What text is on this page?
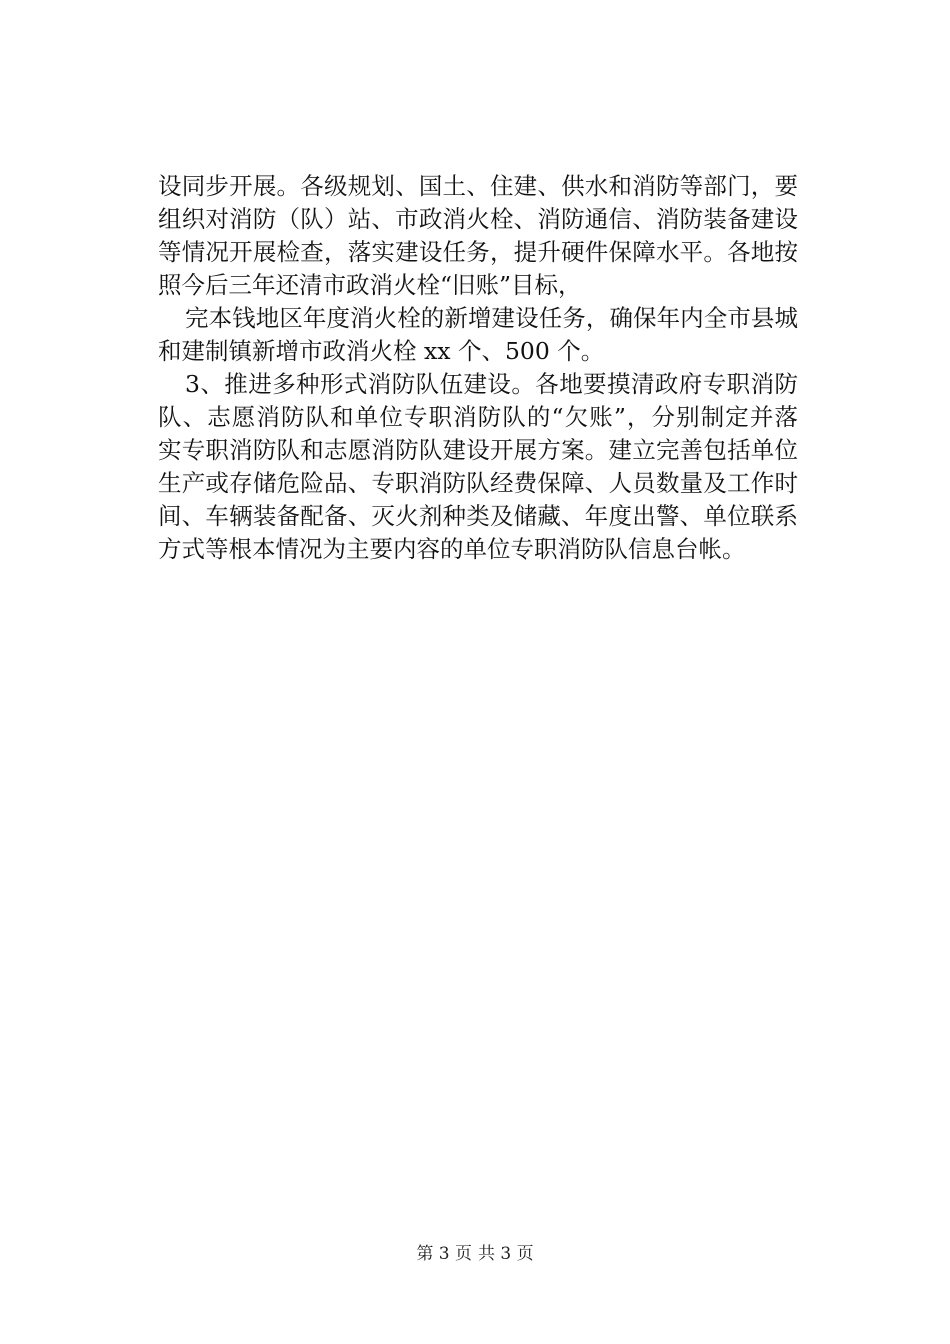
设同步开展。各级规划、国土、住建、供水和消防等部门，要
组织对消防（队）站、市政消火栓、消防通信、消防装备建设
等情况开展检查，落实建设任务，提升硬件保障水平。各地按
照今后三年还清市政消火栓“旧账”目标，
完本钱地区年度消火栓的新增建设任务，确保年内全市县城
和建制镇新增市政消火栓 xx 个、500 个。
3、推进多种形式消防队伍建设。各地要摸清政府专职消防
队、志愿消防队和单位专职消防队的“欠账”，分别制定并落
实专职消防队和志愿消防队建设开展方案。建立完善包括单位
生产或存储危险品、专职消防队经费保障、人员数量及工作时
间、车辆装备配备、灭火剂种类及储藏、年度出警、单位联系
方式等根本情况为主要内容的单位专职消防队信息台帐。
第 3 页 共 3 页
